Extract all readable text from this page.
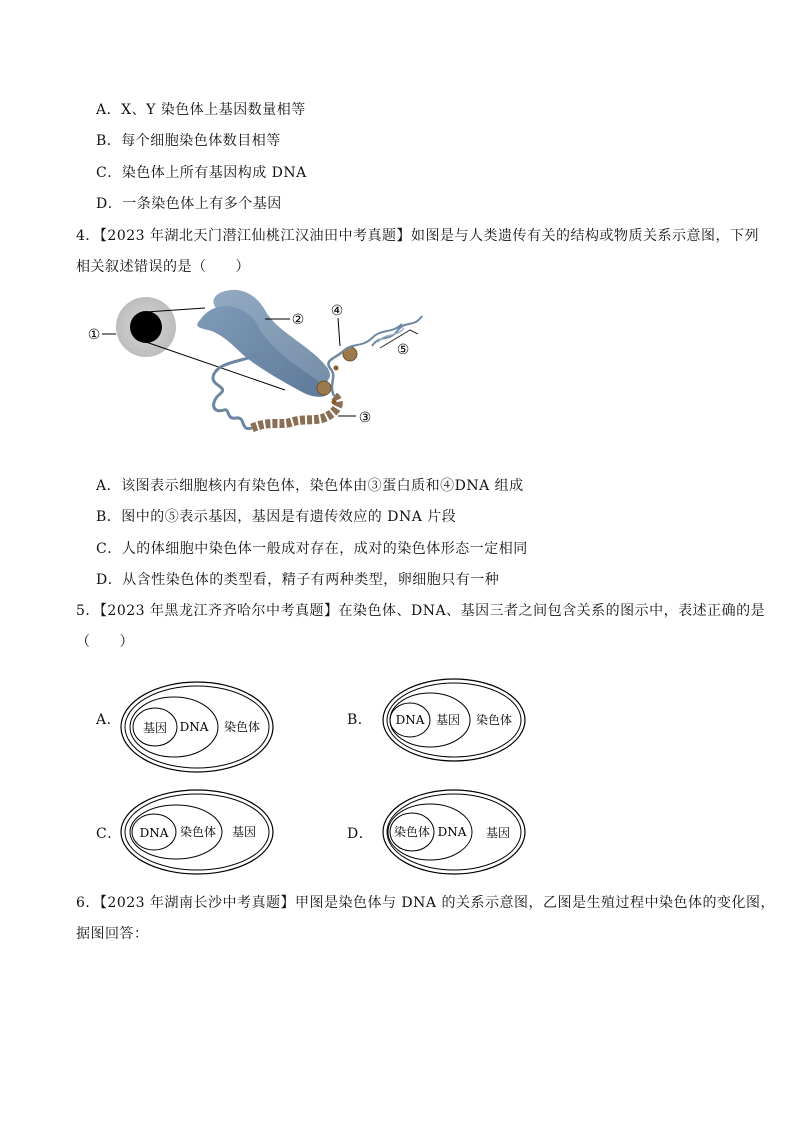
A．X、Y 染色体上基因数量相等
B．每个细胞染色体数目相等
C．染色体上所有基因构成 DNA
D．一条染色体上有多个基因
4．【2023 年湖北天门潜江仙桃江汉油田中考真题】如图是与人类遗传有关的结构或物质关系示意图，下列
相关叙述错误的是（　　）
①
②
③
④
⑤
A．该图表示细胞核内有染色体，染色体由③蛋白质和④DNA 组成
B．图中的⑤表示基因，基因是有遗传效应的 DNA 片段
C．人的体细胞中染色体一般成对存在，成对的染色体形态一定相同
D．从含性染色体的类型看，精子有两种类型，卵细胞只有一种
5．【2023 年黑龙江齐齐哈尔中考真题】在染色体、DNA、基因三者之间包含关系的图示中，表述正确的是
（　　）
A． 基因 DNA 染色体	B． DNA 基因 染色体
C． DNA 染色体 基因	D． 染色体 DNA 基因
6．【2023 年湖南长沙中考真题】甲图是染色体与 DNA 的关系示意图，乙图是生殖过程中染色体的变化图，
据图回答：
